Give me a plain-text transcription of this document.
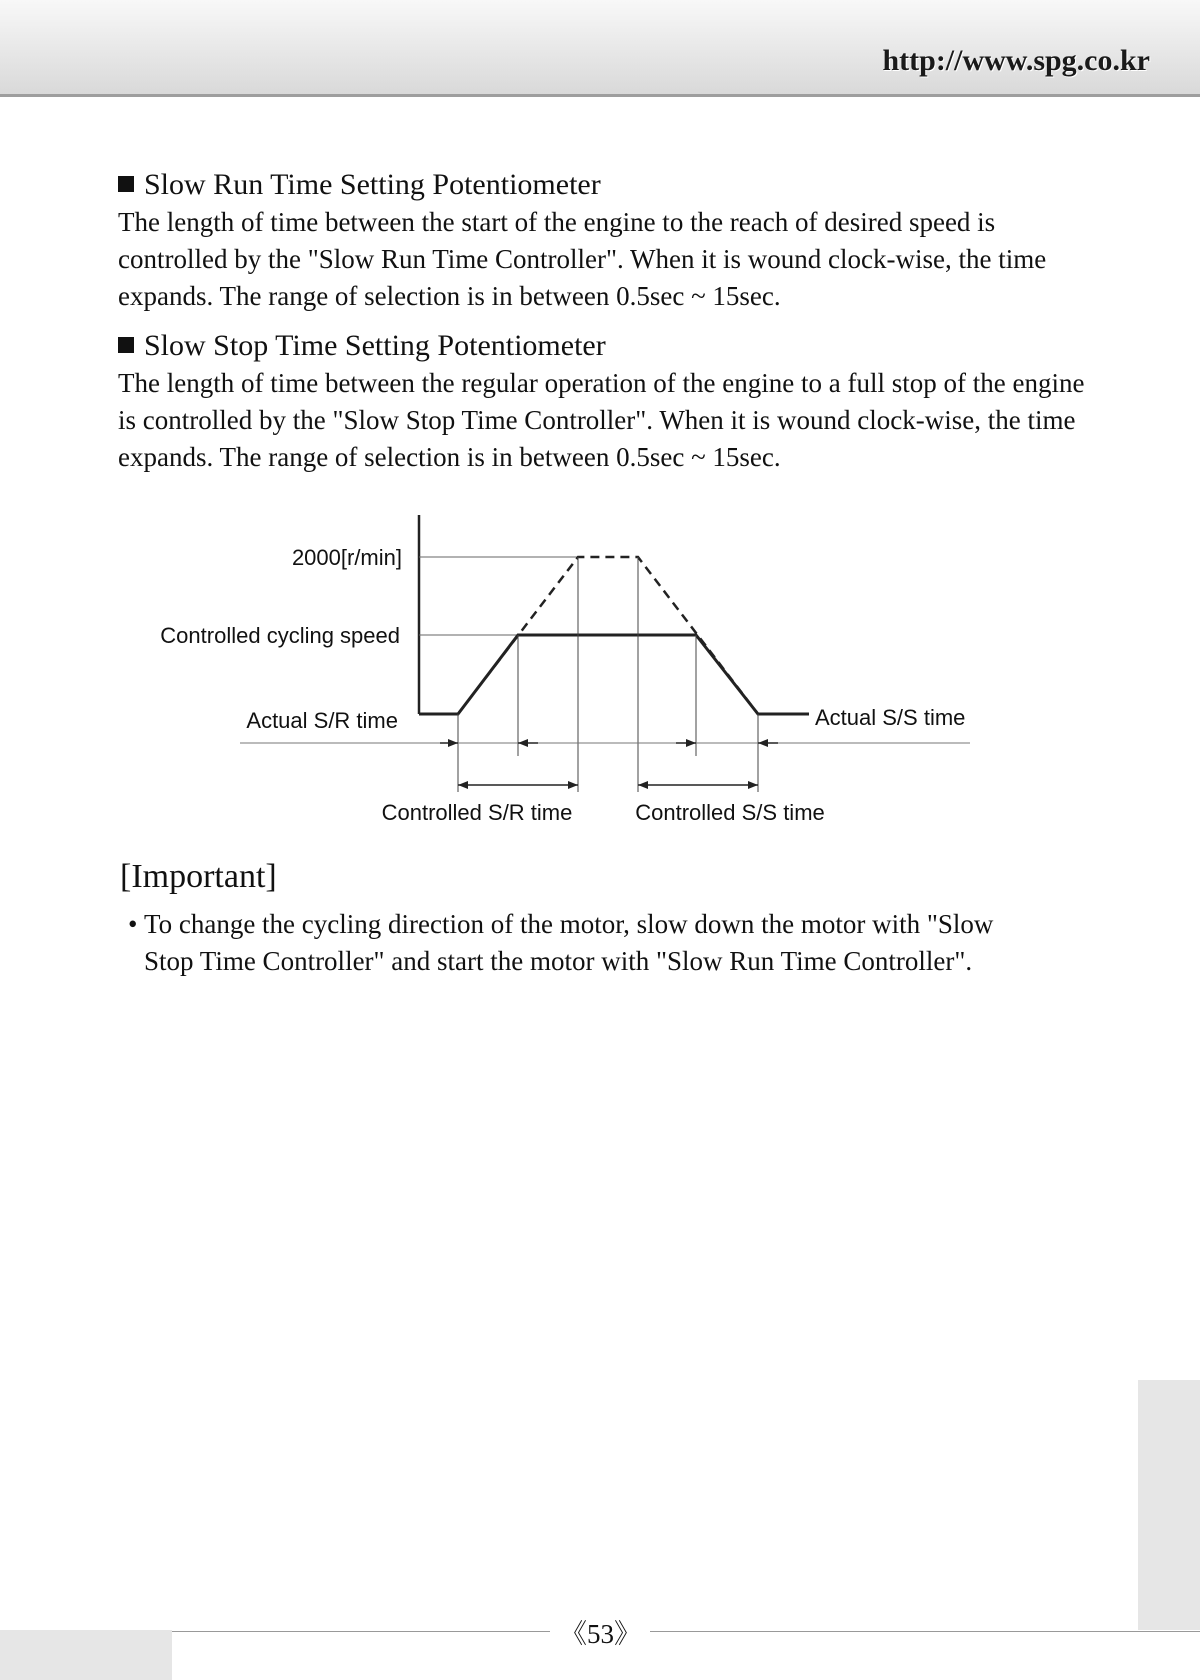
http://www.spg.co.kr
Slow Run Time Setting Potentiometer

The length of time between the start of the engine to the reach of desired speed is
controlled by the "Slow Run Time Controller". When it is wound clock-wise, the time
expands. The range of selection is in between 0.5sec ~ 15sec.

Slow Stop Time Setting Potentiometer

The length of time between the regular operation of the engine to a full stop of the engine
is controlled by the "Slow Stop Time Controller". When it is wound clock-wise, the time
expands. The range of selection is in between 0.5sec ~ 15sec.

2000[r/min]
Controlled cycling speed
Actual S/R time	Actual S/S time
Controlled S/R time	Controlled S/S time
[Important]
• To change the cycling direction of the motor, slow down the motor with "Slow
Stop Time Controller" and start the motor with "Slow Run Time Controller".
《53》
